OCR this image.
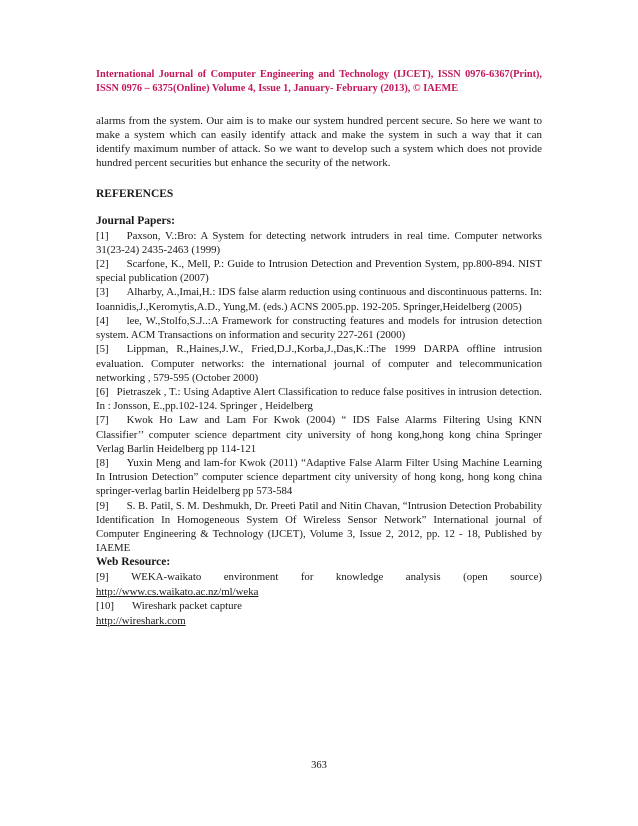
International Journal of Computer Engineering and Technology (IJCET), ISSN 0976-6367(Print), ISSN 0976 – 6375(Online) Volume 4, Issue 1, January- February (2013), © IAEME

alarms from the system. Our aim is to make our system hundred percent secure. So here we want to make a system which can easily identify attack and make the system in such a way that it can identify maximum number of attack. So we want to develop such a system which does not provide hundred percent securities but enhance the security of the network.

REFERENCES
Journal Papers:

[1] Paxson, V.:Bro: A System for detecting network intruders in real time. Computer networks 31(23-24) 2435-2463 (1999)

[2] Scarfone, K., Mell, P.: Guide to Intrusion Detection and Prevention System, pp.800-894. NIST special publication (2007)

[3] Alharby, A.,Imai,H.: IDS false alarm reduction using continuous and discontinuous patterns. In: Ioannidis,J.,Keromytis,A.D., Yung,M. (eds.) ACNS 2005.pp. 192-205. Springer,Heidelberg (2005)

[4] lee, W.,Stolfo,S.J..:A Framework for constructing features and models for intrusion detection system. ACM Transactions on information and security 227-261 (2000)

[5] Lippman, R.,Haines,J.W., Fried,D.J.,Korba,J.,Das,K.:The 1999 DARPA offline intrusion evaluation. Computer networks: the international journal of computer and telecommunication networking , 579-595 (October 2000)

[6] Pietraszek , T.: Using Adaptive Alert Classification to reduce false positives in intrusion detection. In : Jonsson, E.,pp.102-124. Springer , Heidelberg

[7] Kwok Ho Law and Lam For Kwok (2004) “ IDS False Alarms Filtering Using KNN Classifier’’ computer science department city university of hong kong,hong kong china Springer Verlag Barlin Heidelberg pp 114-121

[8] Yuxin Meng and lam-for Kwok (2011) “Adaptive False Alarm Filter Using Machine Learning In Intrusion Detection” computer science department city university of hong kong, hong kong china springer-verlag barlin Heidelberg pp 573-584

[9] S. B. Patil, S. M. Deshmukh, Dr. Preeti Patil and Nitin Chavan, “Intrusion Detection Probability Identification In Homogeneous System Of Wireless Sensor Network” International journal of Computer Engineering & Technology (IJCET), Volume 3, Issue 2, 2012, pp. 12 - 18, Published by IAEME

Web Resource:
[9] WEKA-waikato environment for knowledge analysis (open source)

http://www.cs.waikato.ac.nz/ml/weka

[10] Wireshark packet capture

http://wireshark.com

363
